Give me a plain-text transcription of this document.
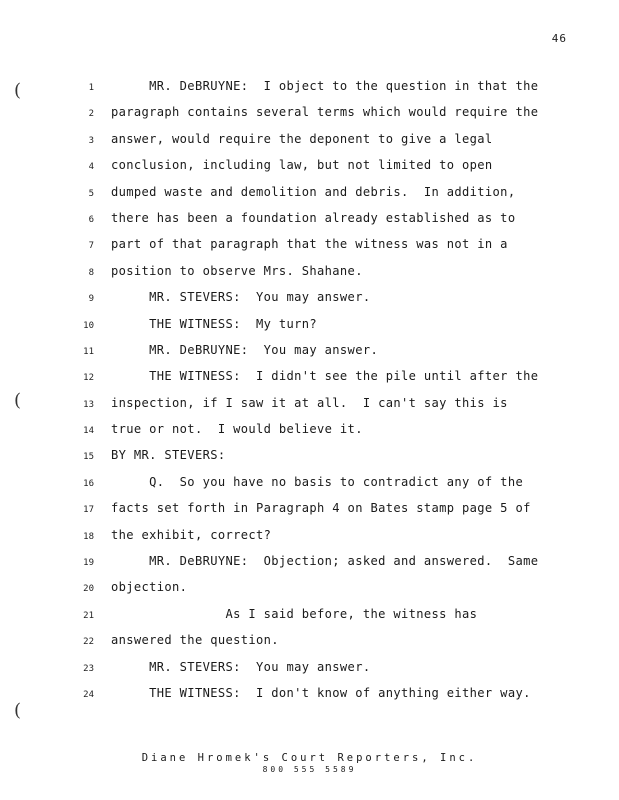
46
(
(
(
1 MR. DeBRUYNE:  I object to the question in that the
2 paragraph contains several terms which would require the
3 answer, would require the deponent to give a legal
4 conclusion, including law, but not limited to open
5 dumped waste and demolition and debris.  In addition,
6 there has been a foundation already established as to
7 part of that paragraph that the witness was not in a
8 position to observe Mrs. Shahane.
9 MR. STEVERS:  You may answer.
10 THE WITNESS:  My turn?
11 MR. DeBRUYNE:  You may answer.
12 THE WITNESS:  I didn't see the pile until after the
13 inspection, if I saw it at all.  I can't say this is
14 true or not.  I would believe it.
15 BY MR. STEVERS:
16 Q.  So you have no basis to contradict any of the
17 facts set forth in Paragraph 4 on Bates stamp page 5 of
18 the exhibit, correct?
19 MR. DeBRUYNE:  Objection; asked and answered.  Same
20 objection.
21 As I said before, the witness has
22 answered the question.
23 MR. STEVERS:  You may answer.
24 THE WITNESS:  I don't know of anything either way.
Diane Hromek's Court Reporters, Inc.
800 555 5589
